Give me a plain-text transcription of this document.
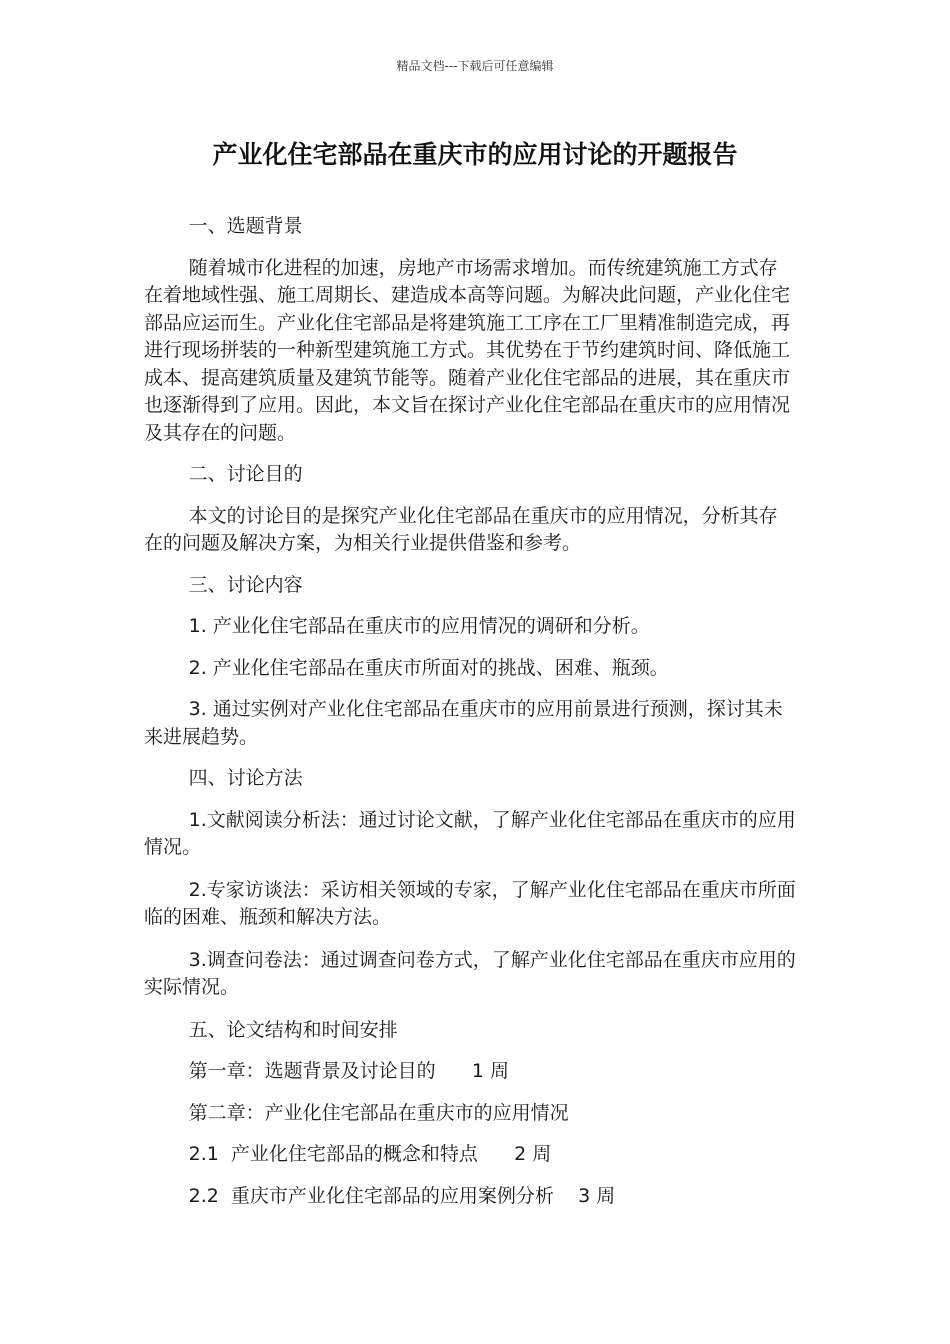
精品文档---下载后可任意编辑
产业化住宅部品在重庆市的应用讨论的开题报告

一、选题背景

随着城市化进程的加速，房地产市场需求增加。而传统建筑施工方式存在着地域性强、施工周期长、建造成本高等问题。为解决此问题，产业化住宅部品应运而生。产业化住宅部品是将建筑施工工序在工厂里精准制造完成，再进行现场拼装的一种新型建筑施工方式。其优势在于节约建筑时间、降低施工成本、提高建筑质量及建筑节能等。随着产业化住宅部品的进展，其在重庆市也逐渐得到了应用。因此，本文旨在探讨产业化住宅部品在重庆市的应用情况及其存在的问题。

二、讨论目的

本文的讨论目的是探究产业化住宅部品在重庆市的应用情况，分析其存在的问题及解决方案，为相关行业提供借鉴和参考。

三、讨论内容

1. 产业化住宅部品在重庆市的应用情况的调研和分析。

2. 产业化住宅部品在重庆市所面对的挑战、困难、瓶颈。

3. 通过实例对产业化住宅部品在重庆市的应用前景进行预测，探讨其未来进展趋势。

四、讨论方法

1.文献阅读分析法：通过讨论文献，了解产业化住宅部品在重庆市的应用情况。

2.专家访谈法：采访相关领域的专家，了解产业化住宅部品在重庆市所面临的困难、瓶颈和解决方法。

3.调查问卷法：通过调查问卷方式，了解产业化住宅部品在重庆市应用的实际情况。

五、论文结构和时间安排

第一章：选题背景及讨论目的      1 周

第二章：产业化住宅部品在重庆市的应用情况

2.1  产业化住宅部品的概念和特点      2 周

2.2  重庆市产业化住宅部品的应用案例分析    3 周
